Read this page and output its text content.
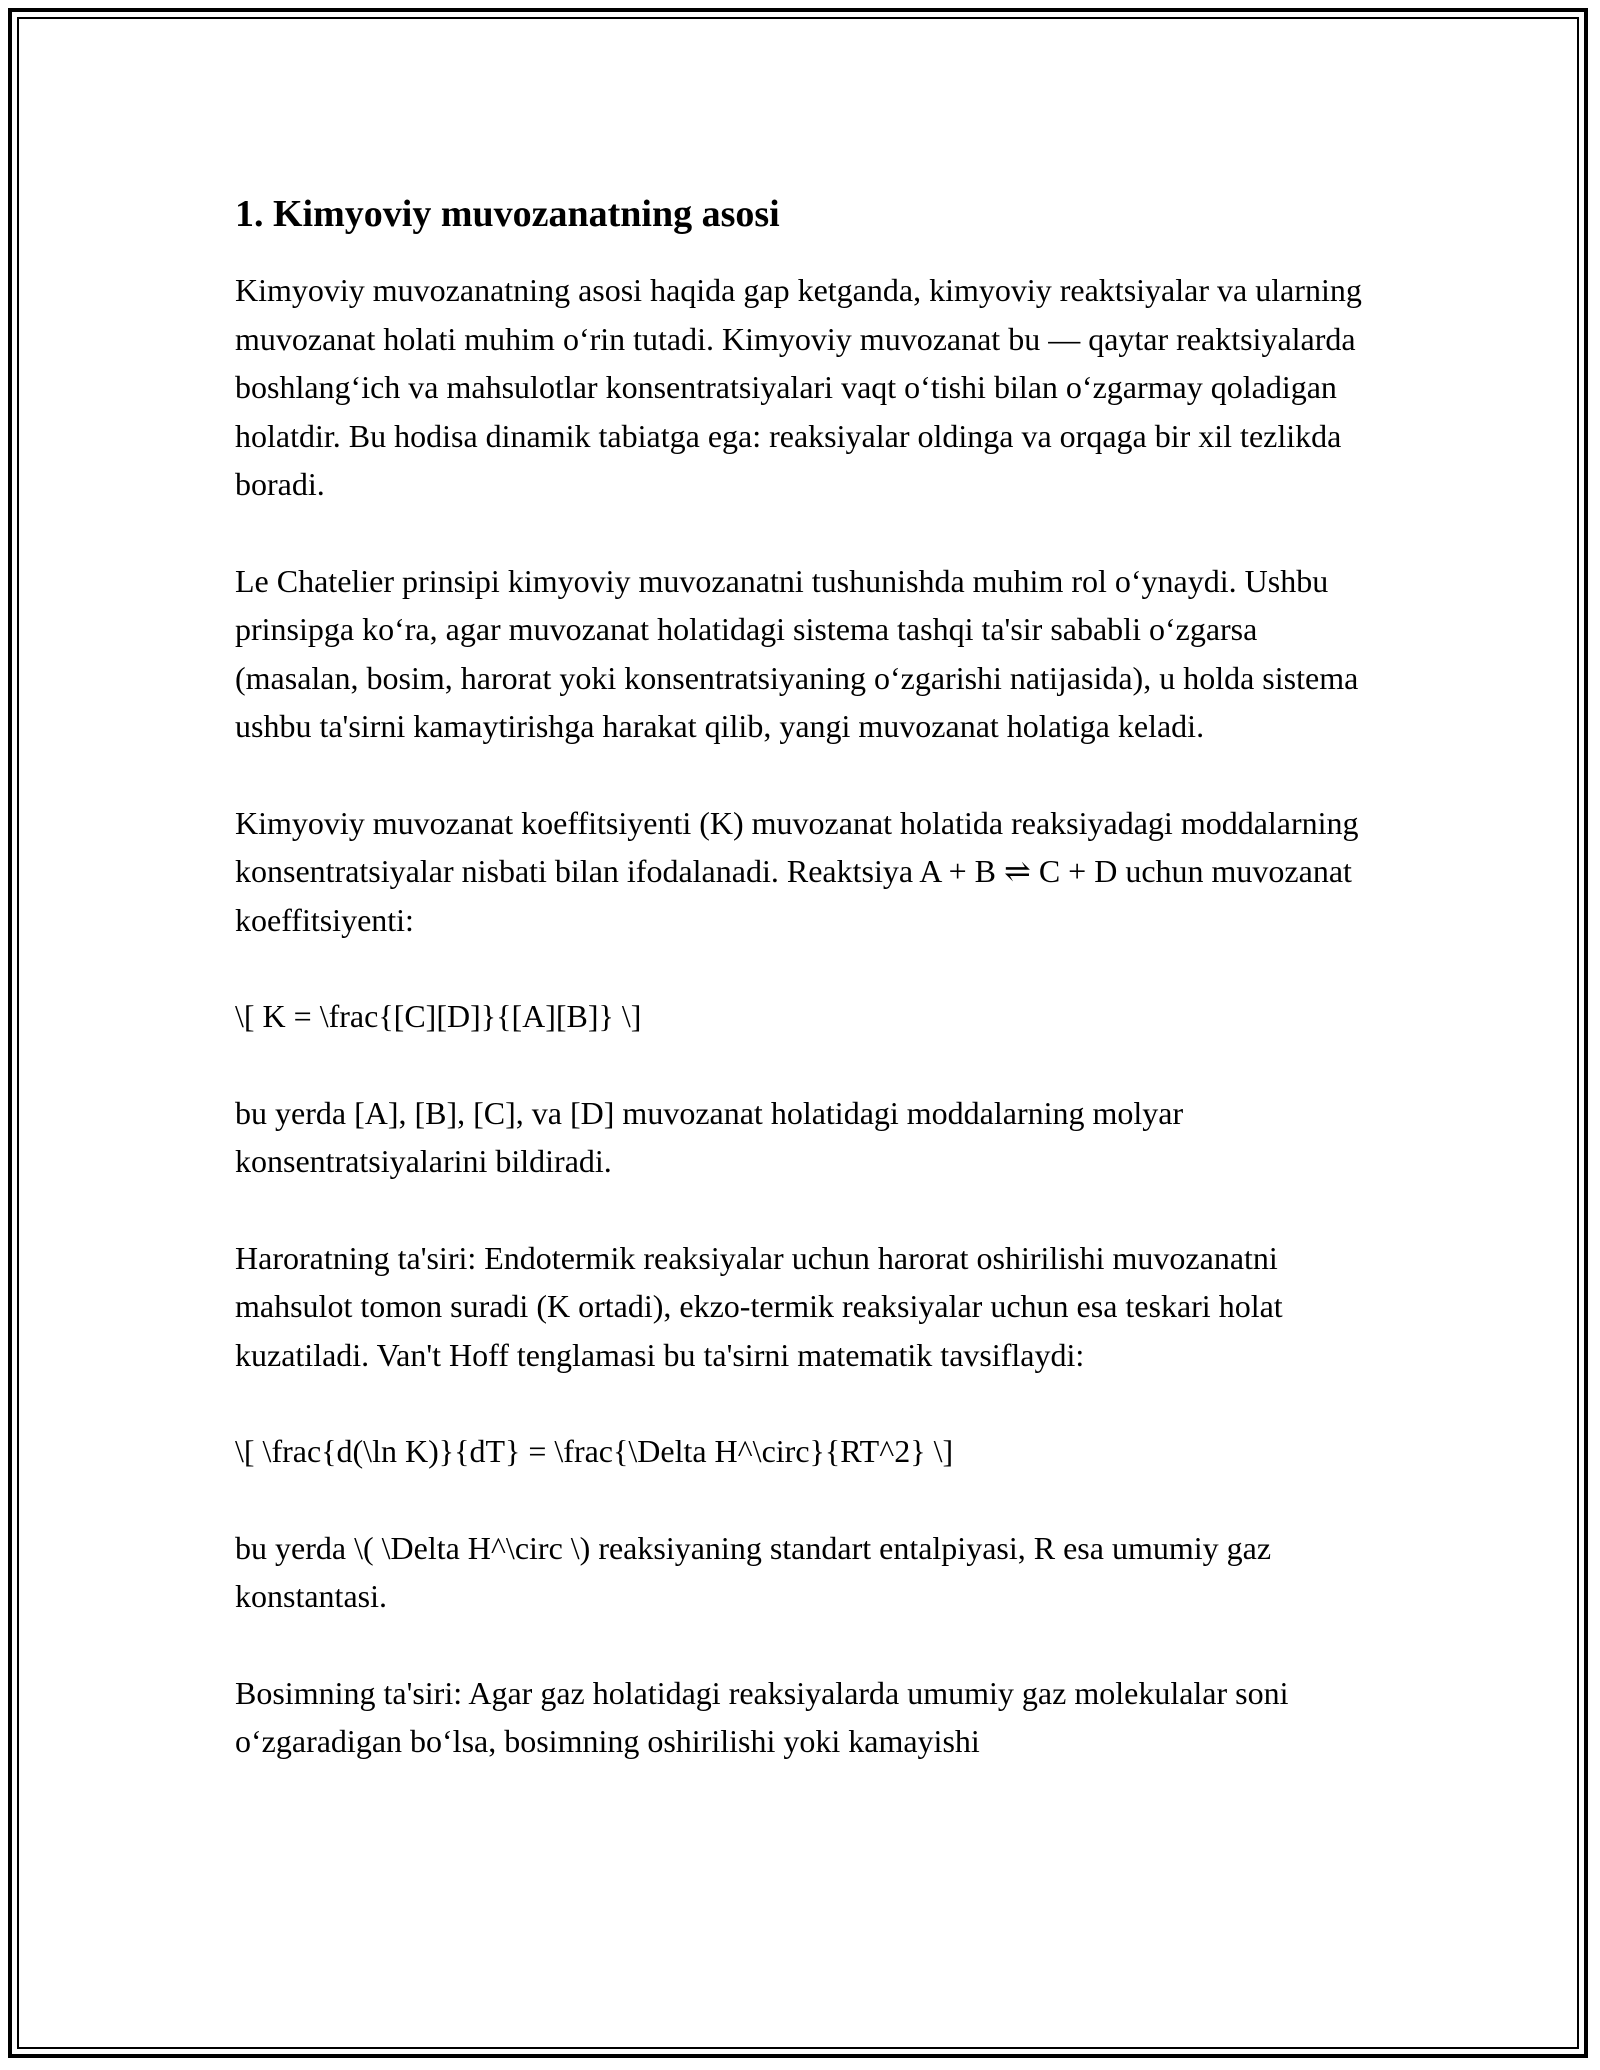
1. Kimyoviy muvozanatning asosi

Kimyoviy muvozanatning asosi haqida gap ketganda, kimyoviy reaktsiyalar va ularning muvozanat holati muhim oʻrin tutadi. Kimyoviy muvozanat bu — qaytar reaktsiyalarda boshlangʻich va mahsulotlar konsentratsiyalari vaqt oʻtishi bilan oʻzgarmay qoladigan holatdir. Bu hodisa dinamik tabiatga ega: reaksiyalar oldinga va orqaga bir xil tezlikda boradi.

Le Chatelier prinsipi kimyoviy muvozanatni tushunishda muhim rol oʻynaydi. Ushbu prinsipga koʻra, agar muvozanat holatidagi sistema tashqi ta'sir sababli oʻzgarsa (masalan, bosim, harorat yoki konsentratsiyaning oʻzgarishi natijasida), u holda sistema ushbu ta'sirni kamaytirishga harakat qilib, yangi muvozanat holatiga keladi.

Kimyoviy muvozanat koeffitsiyenti (K) muvozanat holatida reaksiyadagi moddalarning konsentratsiyalar nisbati bilan ifodalanadi. Reaktsiya A + B ⇌ C + D uchun muvozanat koeffitsiyenti:

\[ K = \frac{[C][D]}{[A][B]} \]

bu yerda [A], [B], [C], va [D] muvozanat holatidagi moddalarning molyar konsentratsiyalarini bildiradi.

Haroratning ta'siri: Endotermik reaksiyalar uchun harorat oshirilishi muvozanatni mahsulot tomon suradi (K ortadi), ekzo-termik reaksiyalar uchun esa teskari holat kuzatiladi. Van't Hoff tenglamasi bu ta'sirni matematik tavsiflaydi:

\[ \frac{d(\ln K)}{dT} = \frac{\Delta H^\circ}{RT^2} \]

bu yerda \( \Delta H^\circ \) reaksiyaning standart entalpiyasi, R esa umumiy gaz konstantasi.

Bosimning ta'siri: Agar gaz holatidagi reaksiyalarda umumiy gaz molekulalar soni oʻzgaradigan boʻlsa, bosimning oshirilishi yoki kamayishi
